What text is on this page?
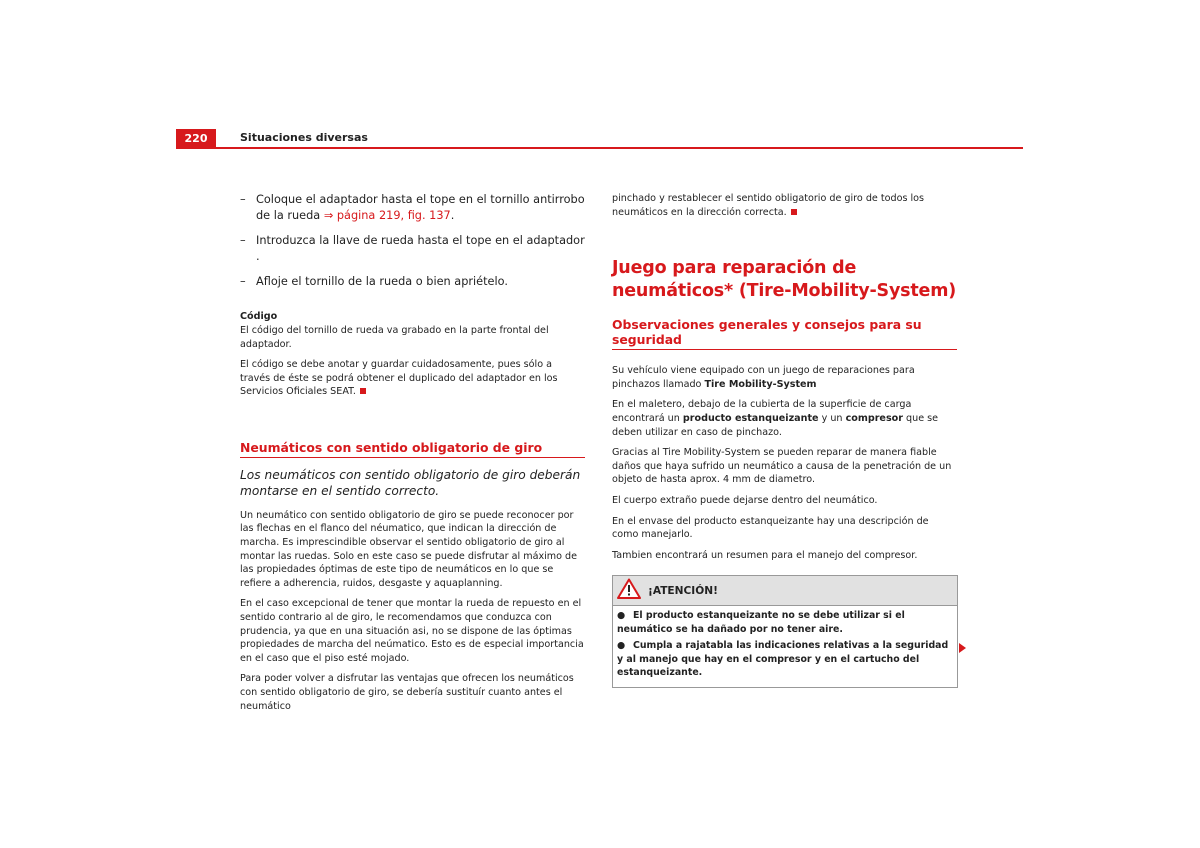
220	Situaciones diversas
– Coloque el adaptador hasta el tope en el tornillo antirrobo de la rueda ⇒ página 219, fig. 137.
– Introduzca la llave de rueda hasta el tope en el adaptador .
– Afloje el tornillo de la rueda o bien apriételo.
Código

El código del tornillo de rueda va grabado en la parte frontal del adaptador.

El código se debe anotar y guardar cuidadosamente, pues sólo a través de éste se podrá obtener el duplicado del adaptador en los Servicios Oficiales SEAT.

Neumáticos con sentido obligatorio de giro
Los neumáticos con sentido obligatorio de giro deberán montarse en el sentido correcto.

Un neumático con sentido obligatorio de giro se puede reconocer por las flechas en el flanco del néumatico, que indican la dirección de marcha. Es imprescindible observar el sentido obligatorio de giro al montar las ruedas. Solo en este caso se puede disfrutar al máximo de las propiedades óptimas de este tipo de neumáticos en lo que se refiere a adherencia, ruidos, desgaste y aquaplanning.

En el caso excepcional de tener que montar la rueda de repuesto en el sentido contrario al de giro, le recomendamos que conduzca con prudencia, ya que en una situación asi, no se dispone de las óptimas propiedades de marcha del neúmatico. Esto es de especial importancia en el caso que el piso esté mojado.

Para poder volver a disfrutar las ventajas que ofrecen los neumáticos con sentido obligatorio de giro, se debería sustituír cuanto antes el neumático

pinchado y restablecer el sentido obligatorio de giro de todos los neumáticos en la dirección correcta.

Juego para reparación de neumáticos* (Tire-Mobility-System)
Observaciones generales y consejos para su seguridad

Su vehículo viene equipado con un juego de reparaciones para pinchazos llamado Tire Mobility-System

En el maletero, debajo de la cubierta de la superficie de carga encontrará un producto estanqueizante y un compresor que se deben utilizar en caso de pinchazo.

Gracias al Tire Mobility-System se pueden reparar de manera fiable daños que haya sufrido un neumático a causa de la penetración de un objeto de hasta aprox. 4 mm de diametro.

El cuerpo extraño puede dejarse dentro del neumático.

En el envase del producto estanqueizante hay una descripción de como manejarlo.

Tambien encontrará un resumen para el manejo del compresor.

¡ATENCIÓN!
● El producto estanqueizante no se debe utilizar si el neumático se ha dañado por no tener aire.
● Cumpla a rajatabla las indicaciones relativas a la seguridad y al manejo que hay en el compresor y en el cartucho del estanqueizante.
